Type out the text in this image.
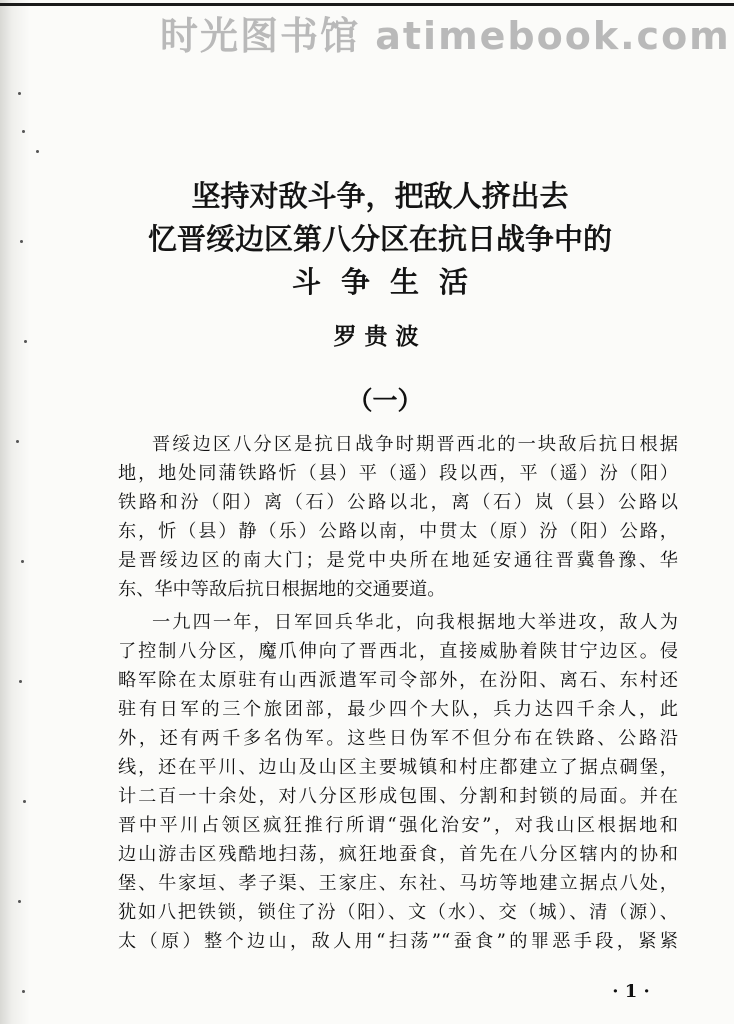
时光图书馆 atimebook.com
坚持对敌斗争，把敌人挤出去
忆晋绥边区第八分区在抗日战争中的
斗争生活
罗贵波
（一）
晋绥边区八分区是抗日战争时期晋西北的一块敌后抗日根据
地，地处同蒲铁路忻（县）平（遥）段以西，平（遥）汾（阳）
铁路和汾（阳）离（石）公路以北，离（石）岚（县）公路以
东，忻（县）静（乐）公路以南，中贯太（原）汾（阳）公路，
是晋绥边区的南大门；是党中央所在地延安通往晋冀鲁豫、华
东、华中等敌后抗日根据地的交通要道。
一九四一年，日军回兵华北，向我根据地大举进攻，敌人为
了控制八分区，魔爪伸向了晋西北，直接威胁着陕甘宁边区。侵
略军除在太原驻有山西派遣军司令部外，在汾阳、离石、东村还
驻有日军的三个旅团部，最少四个大队，兵力达四千余人，此
外，还有两千多名伪军。这些日伪军不但分布在铁路、公路沿
线，还在平川、边山及山区主要城镇和村庄都建立了据点碉堡，
计二百一十余处，对八分区形成包围、分割和封锁的局面。并在
晋中平川占领区疯狂推行所谓“强化治安”，对我山区根据地和
边山游击区残酷地扫荡，疯狂地蚕食，首先在八分区辖内的协和
堡、牛家垣、孝子渠、王家庄、东社、马坊等地建立据点八处，
犹如八把铁锁，锁住了汾（阳）、文（水）、交（城）、清（源）、
太（原）整个边山，敌人用“扫荡”“蚕食”的罪恶手段，紧紧
· 1 ·
